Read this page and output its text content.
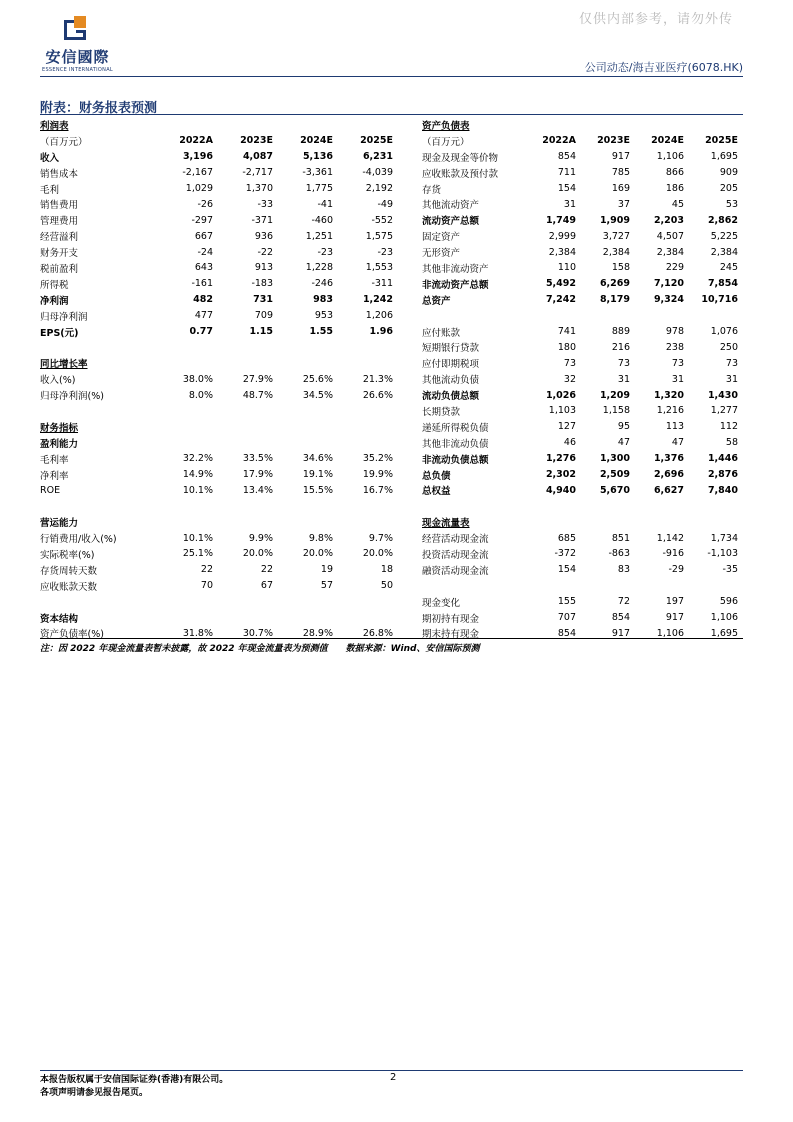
仅供内部参考，请勿外传
安信國際
ESSENCE INTERNATIONAL	公司动态/海吉亚医疗(6078.HK)
附表：财务报表预测
利润表				
（百万元）	2022A	2023E	2024E	2025E
收入	3,196	4,087	5,136	6,231
销售成本	-2,167	-2,717	-3,361	-4,039
毛利	1,029	1,370	1,775	2,192
销售费用	-26	-33	-41	-49
管理费用	-297	-371	-460	-552
经营溢利	667	936	1,251	1,575
财务开支	-24	-22	-23	-23
税前盈利	643	913	1,228	1,553
所得税	-161	-183	-246	-311
净利润	482	731	983	1,242
归母净利润	477	709	953	1,206
EPS(元)	0.77	1.15	1.55	1.96

同比增长率				
收入(%)	38.0%	27.9%	25.6%	21.3%
归母净利润(%)	8.0%	48.7%	34.5%	26.6%

财务指标				
盈利能力				
毛利率	32.2%	33.5%	34.6%	35.2%
净利率	14.9%	17.9%	19.1%	19.9%
ROE	10.1%	13.4%	15.5%	16.7%

营运能力				
行销费用/收入(%)	10.1%	9.9%	9.8%	9.7%
实际税率(%)	25.1%	20.0%	20.0%	20.0%
存货周转天数	22	22	19	18
应收账款天数	70	67	57	50

资本结构				
资产负债率(%)	31.8%	30.7%	28.9%	26.8%
资产负债表				
（百万元）	2022A	2023E	2024E	2025E
现金及现金等价物	854	917	1,106	1,695
应收账款及预付款	711	785	866	909
存货	154	169	186	205
其他流动资产	31	37	45	53
流动资产总额	1,749	1,909	2,203	2,862
固定资产	2,999	3,727	4,507	5,225
无形资产	2,384	2,384	2,384	2,384
其他非流动资产	110	158	229	245
非流动资产总额	5,492	6,269	7,120	7,854
总资产	7,242	8,179	9,324	10,716

应付账款	741	889	978	1,076
短期银行贷款	180	216	238	250
应付即期税项	73	73	73	73
其他流动负债	32	31	31	31
流动负债总额	1,026	1,209	1,320	1,430
长期贷款	1,103	1,158	1,216	1,277
递延所得税负债	127	95	113	112
其他非流动负债	46	47	47	58
非流动负债总额	1,276	1,300	1,376	1,446
总负债	2,302	2,509	2,696	2,876
总权益	4,940	5,670	6,627	7,840

现金流量表				
经营活动现金流	685	851	1,142	1,734
投资活动现金流	-372	-863	-916	-1,103
融资活动现金流	154	83	-29	-35

现金变化	155	72	197	596
期初持有现金	707	854	917	1,106
期末持有现金	854	917	1,106	1,695
注：因 2022 年现金流量表暂未披露，故 2022 年现金流量表为预测值　　数据来源：Wind、安信国际预测
2
本报告版权属于安信国际证券(香港)有限公司。
各项声明请参见报告尾页。
